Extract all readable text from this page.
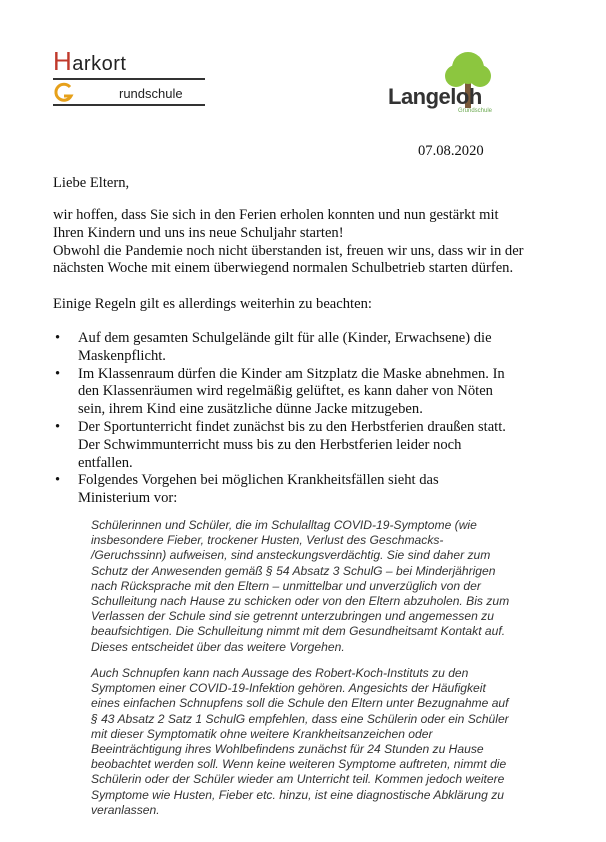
Harkort
rundschule	Langeloh
Grundschule
07.08.2020
Liebe Eltern,
wir hoffen, dass Sie sich in den Ferien erholen konnten und nun gestärkt mit
Ihren Kindern und uns ins neue Schuljahr starten!
Obwohl die Pandemie noch nicht überstanden ist, freuen wir uns, dass wir in der
nächsten Woche mit einem überwiegend normalen Schulbetrieb starten dürfen.
Einige Regeln gilt es allerdings weiterhin zu beachten:
• Auf dem gesamten Schulgelände gilt für alle (Kinder, Erwachsene) die
Maskenpflicht.
• Im Klassenraum dürfen die Kinder am Sitzplatz die Maske abnehmen. In
den Klassenräumen wird regelmäßig gelüftet, es kann daher von Nöten
sein, ihrem Kind eine zusätzliche dünne Jacke mitzugeben.
• Der Sportunterricht findet zunächst bis zu den Herbstferien draußen statt.
Der Schwimmunterricht muss bis zu den Herbstferien leider noch
entfallen.
• Folgendes Vorgehen bei möglichen Krankheitsfällen sieht das
Ministerium vor:
Schülerinnen und Schüler, die im Schulalltag COVID-19-Symptome (wie
insbesondere Fieber, trockener Husten, Verlust des Geschmacks-
/Geruchssinn) aufweisen, sind ansteckungsverdächtig. Sie sind daher zum
Schutz der Anwesenden gemäß § 54 Absatz 3 SchulG – bei Minderjährigen
nach Rücksprache mit den Eltern – unmittelbar und unverzüglich von der
Schulleitung nach Hause zu schicken oder von den Eltern abzuholen. Bis zum
Verlassen der Schule sind sie getrennt unterzubringen und angemessen zu
beaufsichtigen. Die Schulleitung nimmt mit dem Gesundheitsamt Kontakt auf.
Dieses entscheidet über das weitere Vorgehen.
Auch Schnupfen kann nach Aussage des Robert-Koch-Instituts zu den
Symptomen einer COVID-19-Infektion gehören. Angesichts der Häufigkeit
eines einfachen Schnupfens soll die Schule den Eltern unter Bezugnahme auf
§ 43 Absatz 2 Satz 1 SchulG empfehlen, dass eine Schülerin oder ein Schüler
mit dieser Symptomatik ohne weitere Krankheitsanzeichen oder
Beeinträchtigung ihres Wohlbefindens zunächst für 24 Stunden zu Hause
beobachtet werden soll. Wenn keine weiteren Symptome auftreten, nimmt die
Schülerin oder der Schüler wieder am Unterricht teil. Kommen jedoch weitere
Symptome wie Husten, Fieber etc. hinzu, ist eine diagnostische Abklärung zu
veranlassen.
